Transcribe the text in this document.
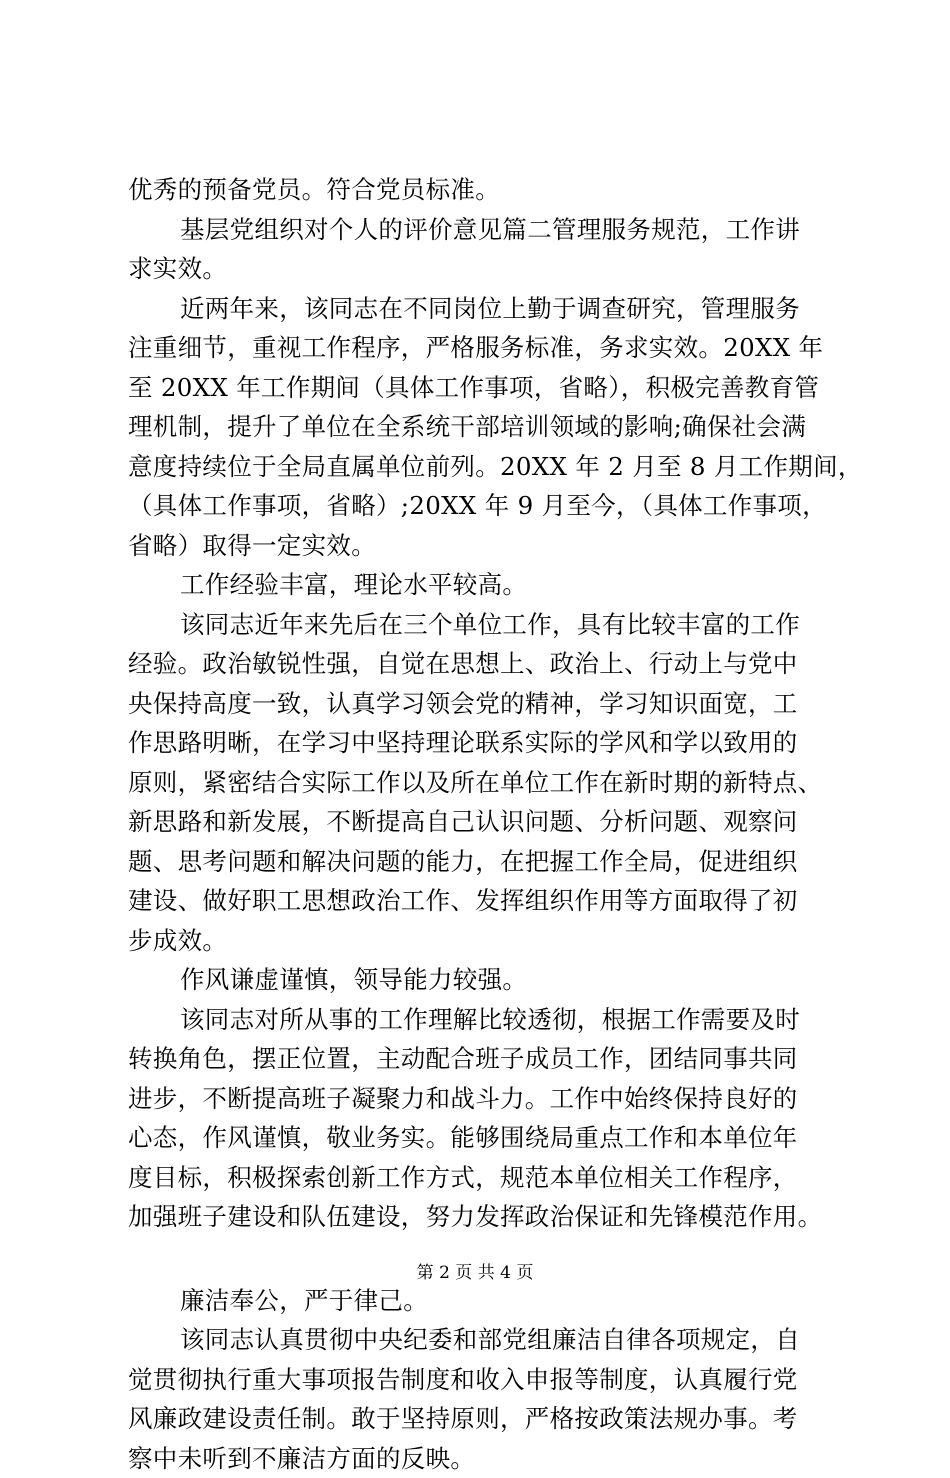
优秀的预备党员。符合党员标准。
基层党组织对个人的评价意见篇二管理服务规范，工作讲
求实效。
近两年来，该同志在不同岗位上勤于调查研究，管理服务
注重细节，重视工作程序，严格服务标准，务求实效。20XX 年
至 20XX 年工作期间（具体工作事项，省略），积极完善教育管
理机制，提升了单位在全系统干部培训领域的影响;确保社会满
意度持续位于全局直属单位前列。20XX 年 2 月至 8 月工作期间，
（具体工作事项，省略）;20XX 年 9 月至今，（具体工作事项，
省略）取得一定实效。
工作经验丰富，理论水平较高。
该同志近年来先后在三个单位工作，具有比较丰富的工作
经验。政治敏锐性强，自觉在思想上、政治上、行动上与党中
央保持高度一致，认真学习领会党的精神，学习知识面宽，工
作思路明晰，在学习中坚持理论联系实际的学风和学以致用的
原则，紧密结合实际工作以及所在单位工作在新时期的新特点、
新思路和新发展，不断提高自己认识问题、分析问题、观察问
题、思考问题和解决问题的能力，在把握工作全局，促进组织
建设、做好职工思想政治工作、发挥组织作用等方面取得了初
步成效。
作风谦虚谨慎，领导能力较强。
该同志对所从事的工作理解比较透彻，根据工作需要及时
转换角色，摆正位置，主动配合班子成员工作，团结同事共同
进步，不断提高班子凝聚力和战斗力。工作中始终保持良好的
心态，作风谨慎，敬业务实。能够围绕局重点工作和本单位年
度目标，积极探索创新工作方式，规范本单位相关工作程序，
加强班子建设和队伍建设，努力发挥政治保证和先锋模范作用。
廉洁奉公，严于律己。
该同志认真贯彻中央纪委和部党组廉洁自律各项规定，自
觉贯彻执行重大事项报告制度和收入申报等制度，认真履行党
风廉政建设责任制。敢于坚持原则，严格按政策法规办事。考
察中未听到不廉洁方面的反映。
第 2 页 共 4 页
